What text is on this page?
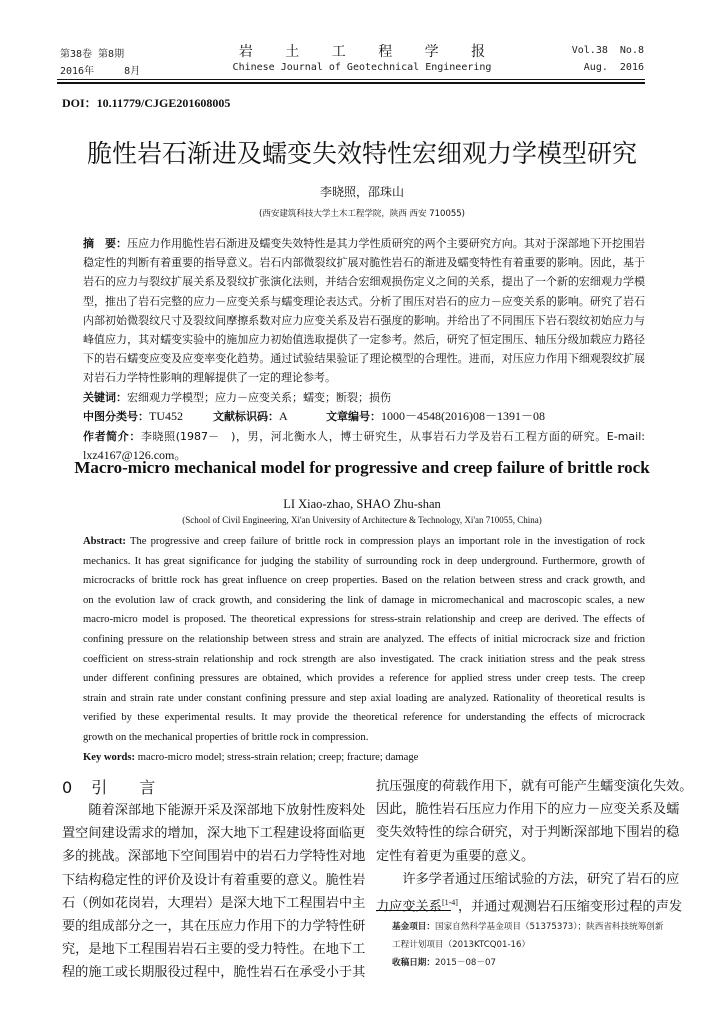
第38卷 第8期
2016年     8月
岩 土 工 程 学 报
Chinese Journal of Geotechnical Engineering
Vol.38  No.8
Aug.  2016
DOI：10.11779/CJGE201608005
脆性岩石渐进及蠕变失效特性宏细观力学模型研究
李晓照，邵珠山
(西安建筑科技大学土木工程学院，陕西 西安 710055)
摘　要：压应力作用脆性岩石渐进及蠕变失效特性是其力学性质研究的两个主要研究方向。其对于深部地下开挖围岩
稳定性的判断有着重要的指导意义。岩石内部微裂纹扩展对脆性岩石的渐进及蠕变特性有着重要的影响。因此，基于
岩石的应力与裂纹扩展关系及裂纹扩张演化法则，并结合宏细观损伤定义之间的关系，提出了一个新的宏细观力学模
型，推出了岩石完整的应力－应变关系与蠕变理论表达式。分析了围压对岩石的应力－应变关系的影响。研究了岩石
内部初始微裂纹尺寸及裂纹间摩擦系数对应力应变关系及岩石强度的影响。并给出了不同围压下岩石裂纹初始应力与
峰值应力，其对蠕变实验中的施加应力初始值选取提供了一定参考。然后，研究了恒定围压、轴压分级加载应力路径
下的岩石蠕变应变及应变率变化趋势。通过试验结果验证了理论模型的合理性。进而，对压应力作用下细观裂纹扩展
对岩石力学特性影响的理解提供了一定的理论参考。
关键词：宏细观力学模型；应力－应变关系；蠕变；断裂；损伤
中图分类号：TU452	文献标识码：A	文章编号：1000－4548(2016)08－1391－08
作者简介：李晓照(1987－　)，男，河北衡水人，博士研究生，从事岩石力学及岩石工程方面的研究。E-mail:
lxz4167@126.com。
Macro-micro mechanical model for progressive and creep failure of brittle rock
LI Xiao-zhao, SHAO Zhu-shan
(School of Civil Engineering, Xi'an University of Architecture & Technology, Xi'an 710055, China)
Abstract: The progressive and creep failure of brittle rock in compression plays an important role in the investigation of rock
mechanics. It has great significance for judging the stability of surrounding rock in deep underground. Furthermore, growth of
microcracks of brittle rock has great influence on creep properties. Based on the relation between stress and crack growth, and
on the evolution law of crack growth, and considering the link of damage in micromechanical and macroscopic scales, a new
macro-micro model is proposed. The theoretical expressions for stress-strain relationship and creep are derived. The effects of
confining pressure on the relationship between stress and strain are analyzed. The effects of initial microcrack size and friction
coefficient on stress-strain relationship and rock strength are also investigated. The crack initiation stress and the peak stress
under different confining pressures are obtained, which provides a reference for applied stress under creep tests. The creep
strain and strain rate under constant confining pressure and step axial loading are analyzed. Rationality of theoretical results is
verified by these experimental results. It may provide the theoretical reference for understanding the effects of microcrack
growth on the mechanical properties of brittle rock in compression.
Key words: macro-micro model; stress-strain relation; creep; fracture; damage
0 引　　言
　　随着深部地下能源开采及深部地下放射性废料处
置空间建设需求的增加，深大地下工程建设将面临更
多的挑战。深部地下空间围岩中的岩石力学特性对地
下结构稳定性的评价及设计有着重要的意义。脆性岩
石（例如花岗岩，大理岩）是深大地下工程围岩中主
要的组成部分之一，其在压应力作用下的力学特性研
究，是地下工程围岩岩石主要的受力特性。在地下工
程的施工或长期服役过程中，脆性岩石在承受小于其
抗压强度的荷载作用下，就有可能产生蠕变演化失效。
因此，脆性岩石压应力作用下的应力－应变关系及蠕
变失效特性的综合研究，对于判断深部地下围岩的稳
定性有着更为重要的意义。
　　许多学者通过压缩试验的方法，研究了岩石的应
力应变关系[1-4]，并通过观测岩石压缩变形过程的声发
基金项目：国家自然科学基金项目（51375373）；陕西省科技统筹创新
工程计划项目（2013KTCQ01-16）
收稿日期：2015－08－07
